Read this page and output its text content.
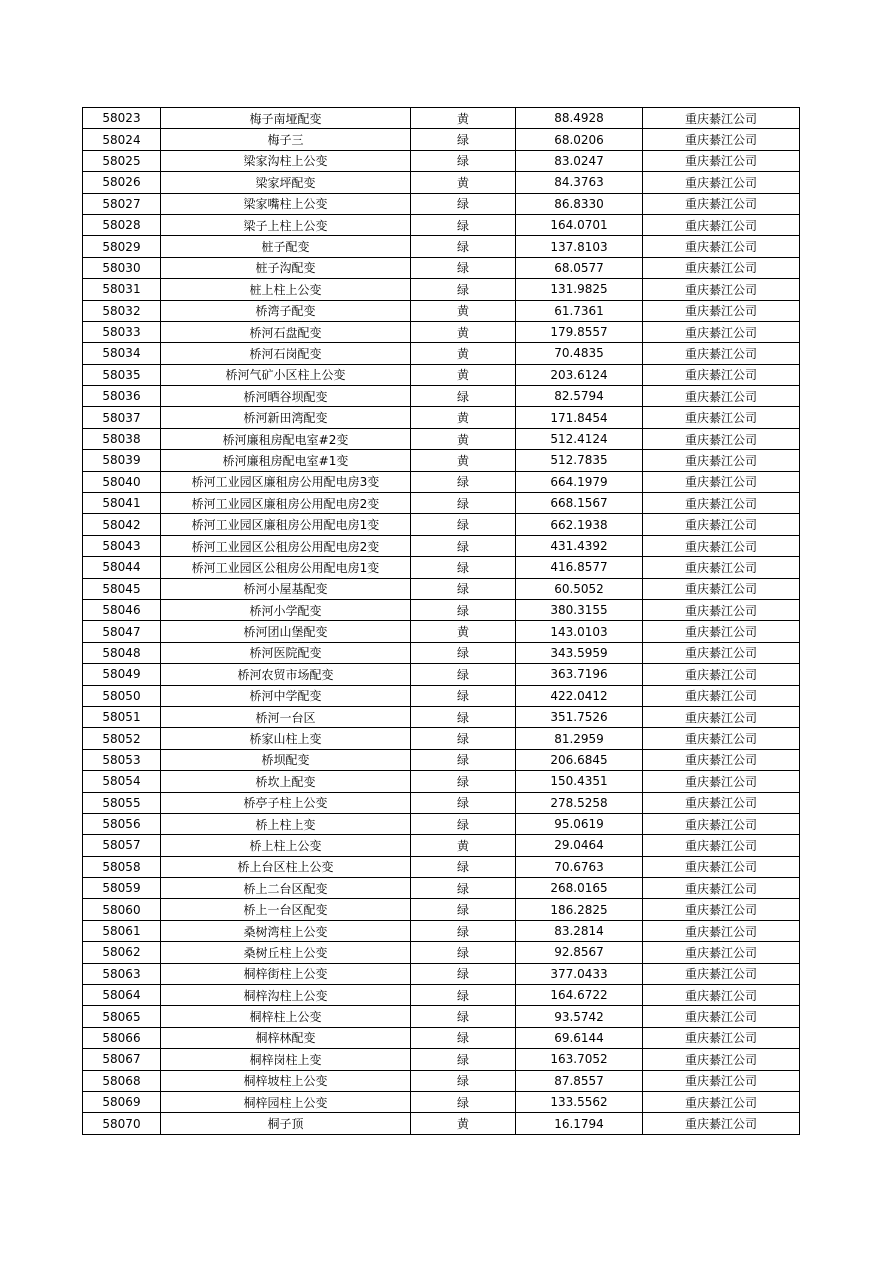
58023	梅子南垭配变	黄	88.4928	重庆綦江公司
58024	梅子三	绿	68.0206	重庆綦江公司
58025	梁家沟柱上公变	绿	83.0247	重庆綦江公司
58026	梁家坪配变	黄	84.3763	重庆綦江公司
58027	梁家嘴柱上公变	绿	86.8330	重庆綦江公司
58028	梁子上柱上公变	绿	164.0701	重庆綦江公司
58029	桩子配变	绿	137.8103	重庆綦江公司
58030	桩子沟配变	绿	68.0577	重庆綦江公司
58031	桩上柱上公变	绿	131.9825	重庆綦江公司
58032	桥湾子配变	黄	61.7361	重庆綦江公司
58033	桥河石盘配变	黄	179.8557	重庆綦江公司
58034	桥河石岗配变	黄	70.4835	重庆綦江公司
58035	桥河气矿小区柱上公变	黄	203.6124	重庆綦江公司
58036	桥河晒谷坝配变	绿	82.5794	重庆綦江公司
58037	桥河新田湾配变	黄	171.8454	重庆綦江公司
58038	桥河廉租房配电室#2变	黄	512.4124	重庆綦江公司
58039	桥河廉租房配电室#1变	黄	512.7835	重庆綦江公司
58040	桥河工业园区廉租房公用配电房3变	绿	664.1979	重庆綦江公司
58041	桥河工业园区廉租房公用配电房2变	绿	668.1567	重庆綦江公司
58042	桥河工业园区廉租房公用配电房1变	绿	662.1938	重庆綦江公司
58043	桥河工业园区公租房公用配电房2变	绿	431.4392	重庆綦江公司
58044	桥河工业园区公租房公用配电房1变	绿	416.8577	重庆綦江公司
58045	桥河小屋基配变	绿	60.5052	重庆綦江公司
58046	桥河小学配变	绿	380.3155	重庆綦江公司
58047	桥河团山堡配变	黄	143.0103	重庆綦江公司
58048	桥河医院配变	绿	343.5959	重庆綦江公司
58049	桥河农贸市场配变	绿	363.7196	重庆綦江公司
58050	桥河中学配变	绿	422.0412	重庆綦江公司
58051	桥河一台区	绿	351.7526	重庆綦江公司
58052	桥家山柱上变	绿	81.2959	重庆綦江公司
58053	桥坝配变	绿	206.6845	重庆綦江公司
58054	桥坎上配变	绿	150.4351	重庆綦江公司
58055	桥亭子柱上公变	绿	278.5258	重庆綦江公司
58056	桥上柱上变	绿	95.0619	重庆綦江公司
58057	桥上柱上公变	黄	29.0464	重庆綦江公司
58058	桥上台区柱上公变	绿	70.6763	重庆綦江公司
58059	桥上二台区配变	绿	268.0165	重庆綦江公司
58060	桥上一台区配变	绿	186.2825	重庆綦江公司
58061	桑树湾柱上公变	绿	83.2814	重庆綦江公司
58062	桑树丘柱上公变	绿	92.8567	重庆綦江公司
58063	桐梓街柱上公变	绿	377.0433	重庆綦江公司
58064	桐梓沟柱上公变	绿	164.6722	重庆綦江公司
58065	桐梓柱上公变	绿	93.5742	重庆綦江公司
58066	桐梓林配变	绿	69.6144	重庆綦江公司
58067	桐梓岗柱上变	绿	163.7052	重庆綦江公司
58068	桐梓坡柱上公变	绿	87.8557	重庆綦江公司
58069	桐梓园柱上公变	绿	133.5562	重庆綦江公司
58070	桐子顶	黄	16.1794	重庆綦江公司
